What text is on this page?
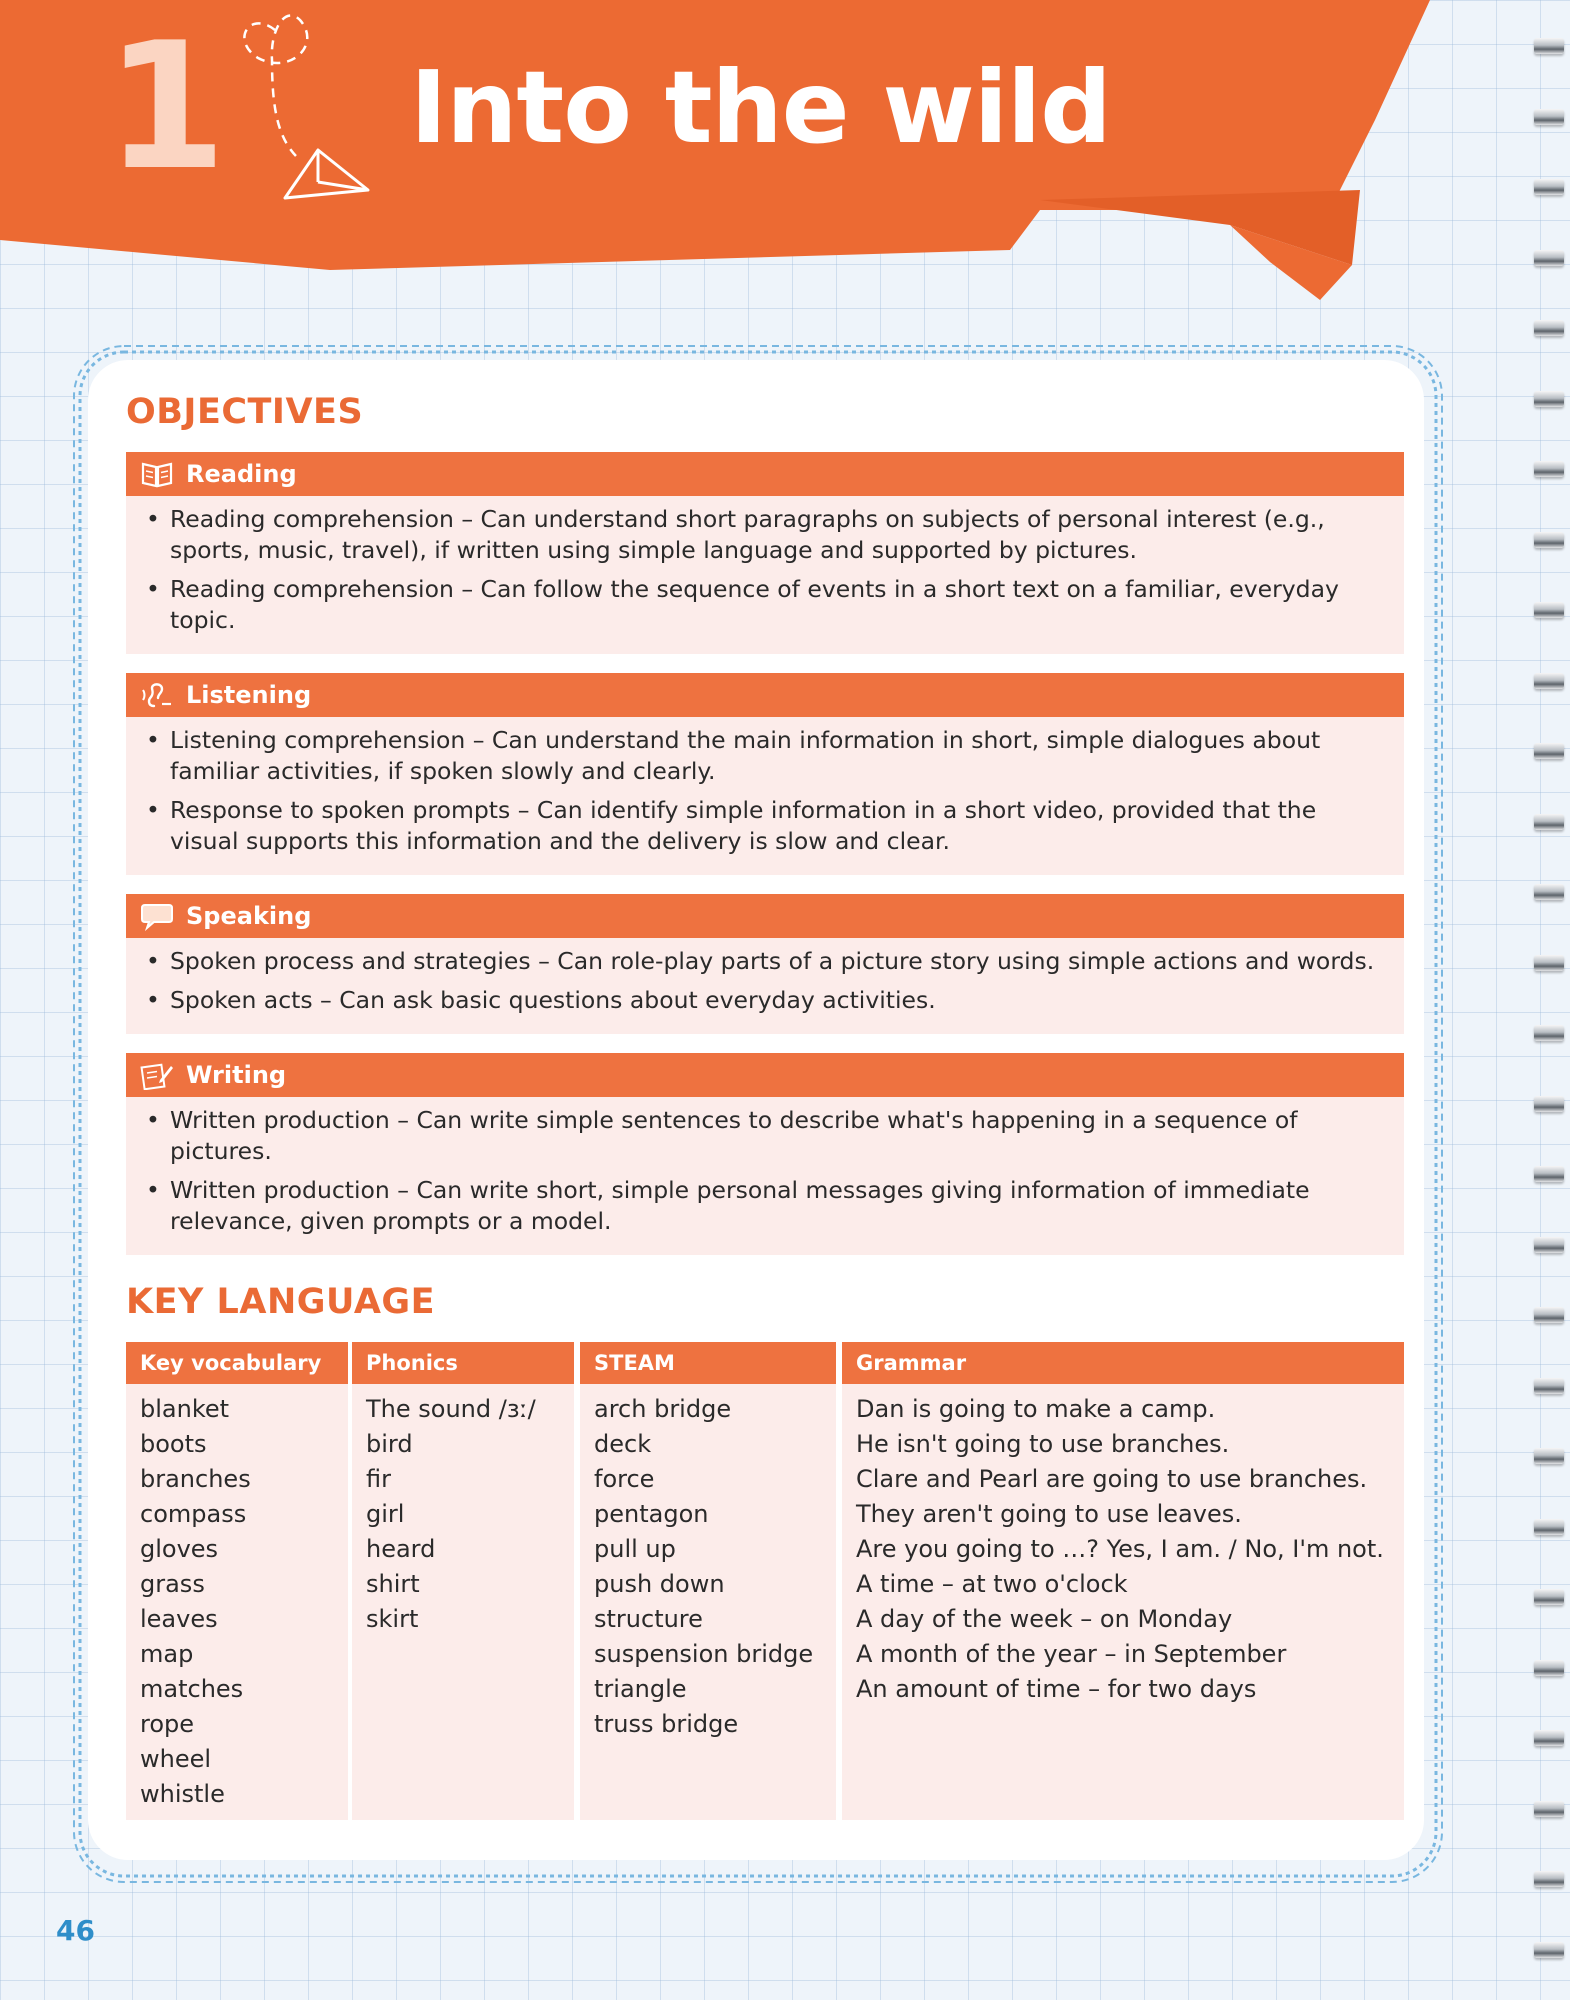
1 Into the wild
OBJECTIVES
Reading
• Reading comprehension – Can understand short paragraphs on subjects of personal interest (e.g., sports, music, travel), if written using simple language and supported by pictures.
• Reading comprehension – Can follow the sequence of events in a short text on a familiar, everyday topic.
Listening
• Listening comprehension – Can understand the main information in short, simple dialogues about familiar activities, if spoken slowly and clearly.
• Response to spoken prompts – Can identify simple information in a short video, provided that the visual supports this information and the delivery is slow and clear.
Speaking
• Spoken process and strategies – Can role-play parts of a picture story using simple actions and words.
• Spoken acts – Can ask basic questions about everyday activities.
Writing
• Written production – Can write simple sentences to describe what's happening in a sequence of pictures.
• Written production – Can write short, simple personal messages giving information of immediate relevance, given prompts or a model.
KEY LANGUAGE
Key vocabulary
blanket
boots
branches
compass
gloves
grass
leaves
map
matches
rope
wheel
whistle
Phonics
The sound /ɜː/
bird
fir
girl
heard
shirt
skirt
STEAM
arch bridge
deck
force
pentagon
pull up
push down
structure
suspension bridge
triangle
truss bridge
Grammar
Dan is going to make a camp.
He isn't going to use branches.
Clare and Pearl are going to use branches.
They aren't going to use leaves.
Are you going to …? Yes, I am. / No, I'm not.
A time – at two o'clock
A day of the week – on Monday
A month of the year – in September
An amount of time – for two days
46
